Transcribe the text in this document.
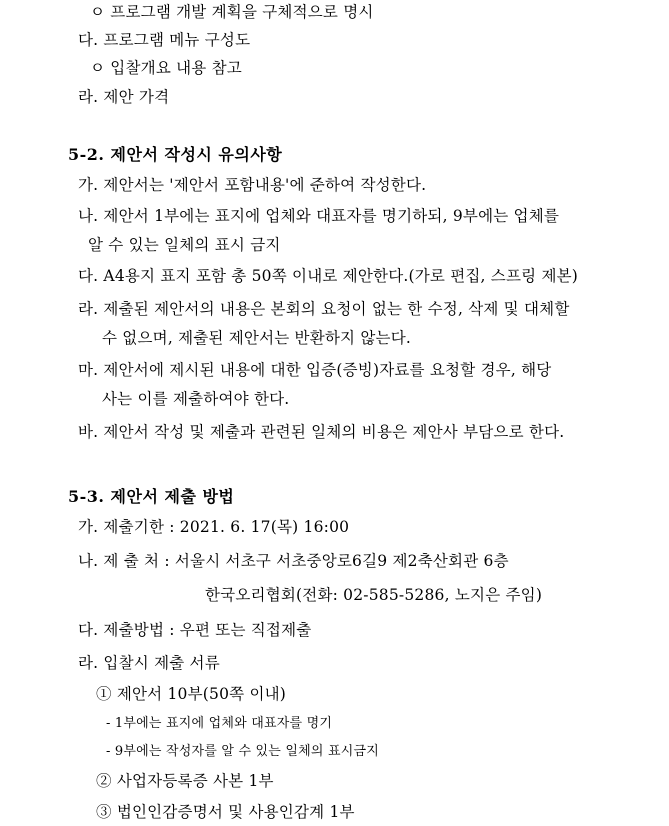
ㅇ 프로그램 개발 계획을 구체적으로 명시
다. 프로그램 메뉴 구성도
ㅇ 입찰개요 내용 참고
라. 제안 가격
5-2. 제안서 작성시 유의사항
가. 제안서는 '제안서 포함내용'에 준하여 작성한다.
나. 제안서 1부에는 표지에 업체와 대표자를 명기하되, 9부에는 업체를
알 수 있는 일체의 표시 금지
다. A4용지 표지 포함 총 50쪽 이내로 제안한다.(가로 편집, 스프링 제본)
라. 제출된 제안서의 내용은 본회의 요청이 없는 한 수정, 삭제 및 대체할
수 없으며, 제출된 제안서는 반환하지 않는다.
마. 제안서에 제시된 내용에 대한 입증(증빙)자료를 요청할 경우, 해당
사는 이를 제출하여야 한다.
바. 제안서 작성 및 제출과 관련된 일체의 비용은 제안사 부담으로 한다.
5-3. 제안서 제출 방법
가. 제출기한 : 2021. 6. 17(목) 16:00
나. 제 출 처 : 서울시 서초구 서초중앙로6길9 제2축산회관 6층
한국오리협회(전화: 02-585-5286, 노지은 주임)
다. 제출방법 : 우편 또는 직접제출
라. 입찰시 제출 서류
① 제안서 10부(50쪽 이내)
- 1부에는 표지에 업체와 대표자를 명기
- 9부에는 작성자를 알 수 있는 일체의 표시금지
② 사업자등록증 사본 1부
③ 법인인감증명서 및 사용인감계 1부
